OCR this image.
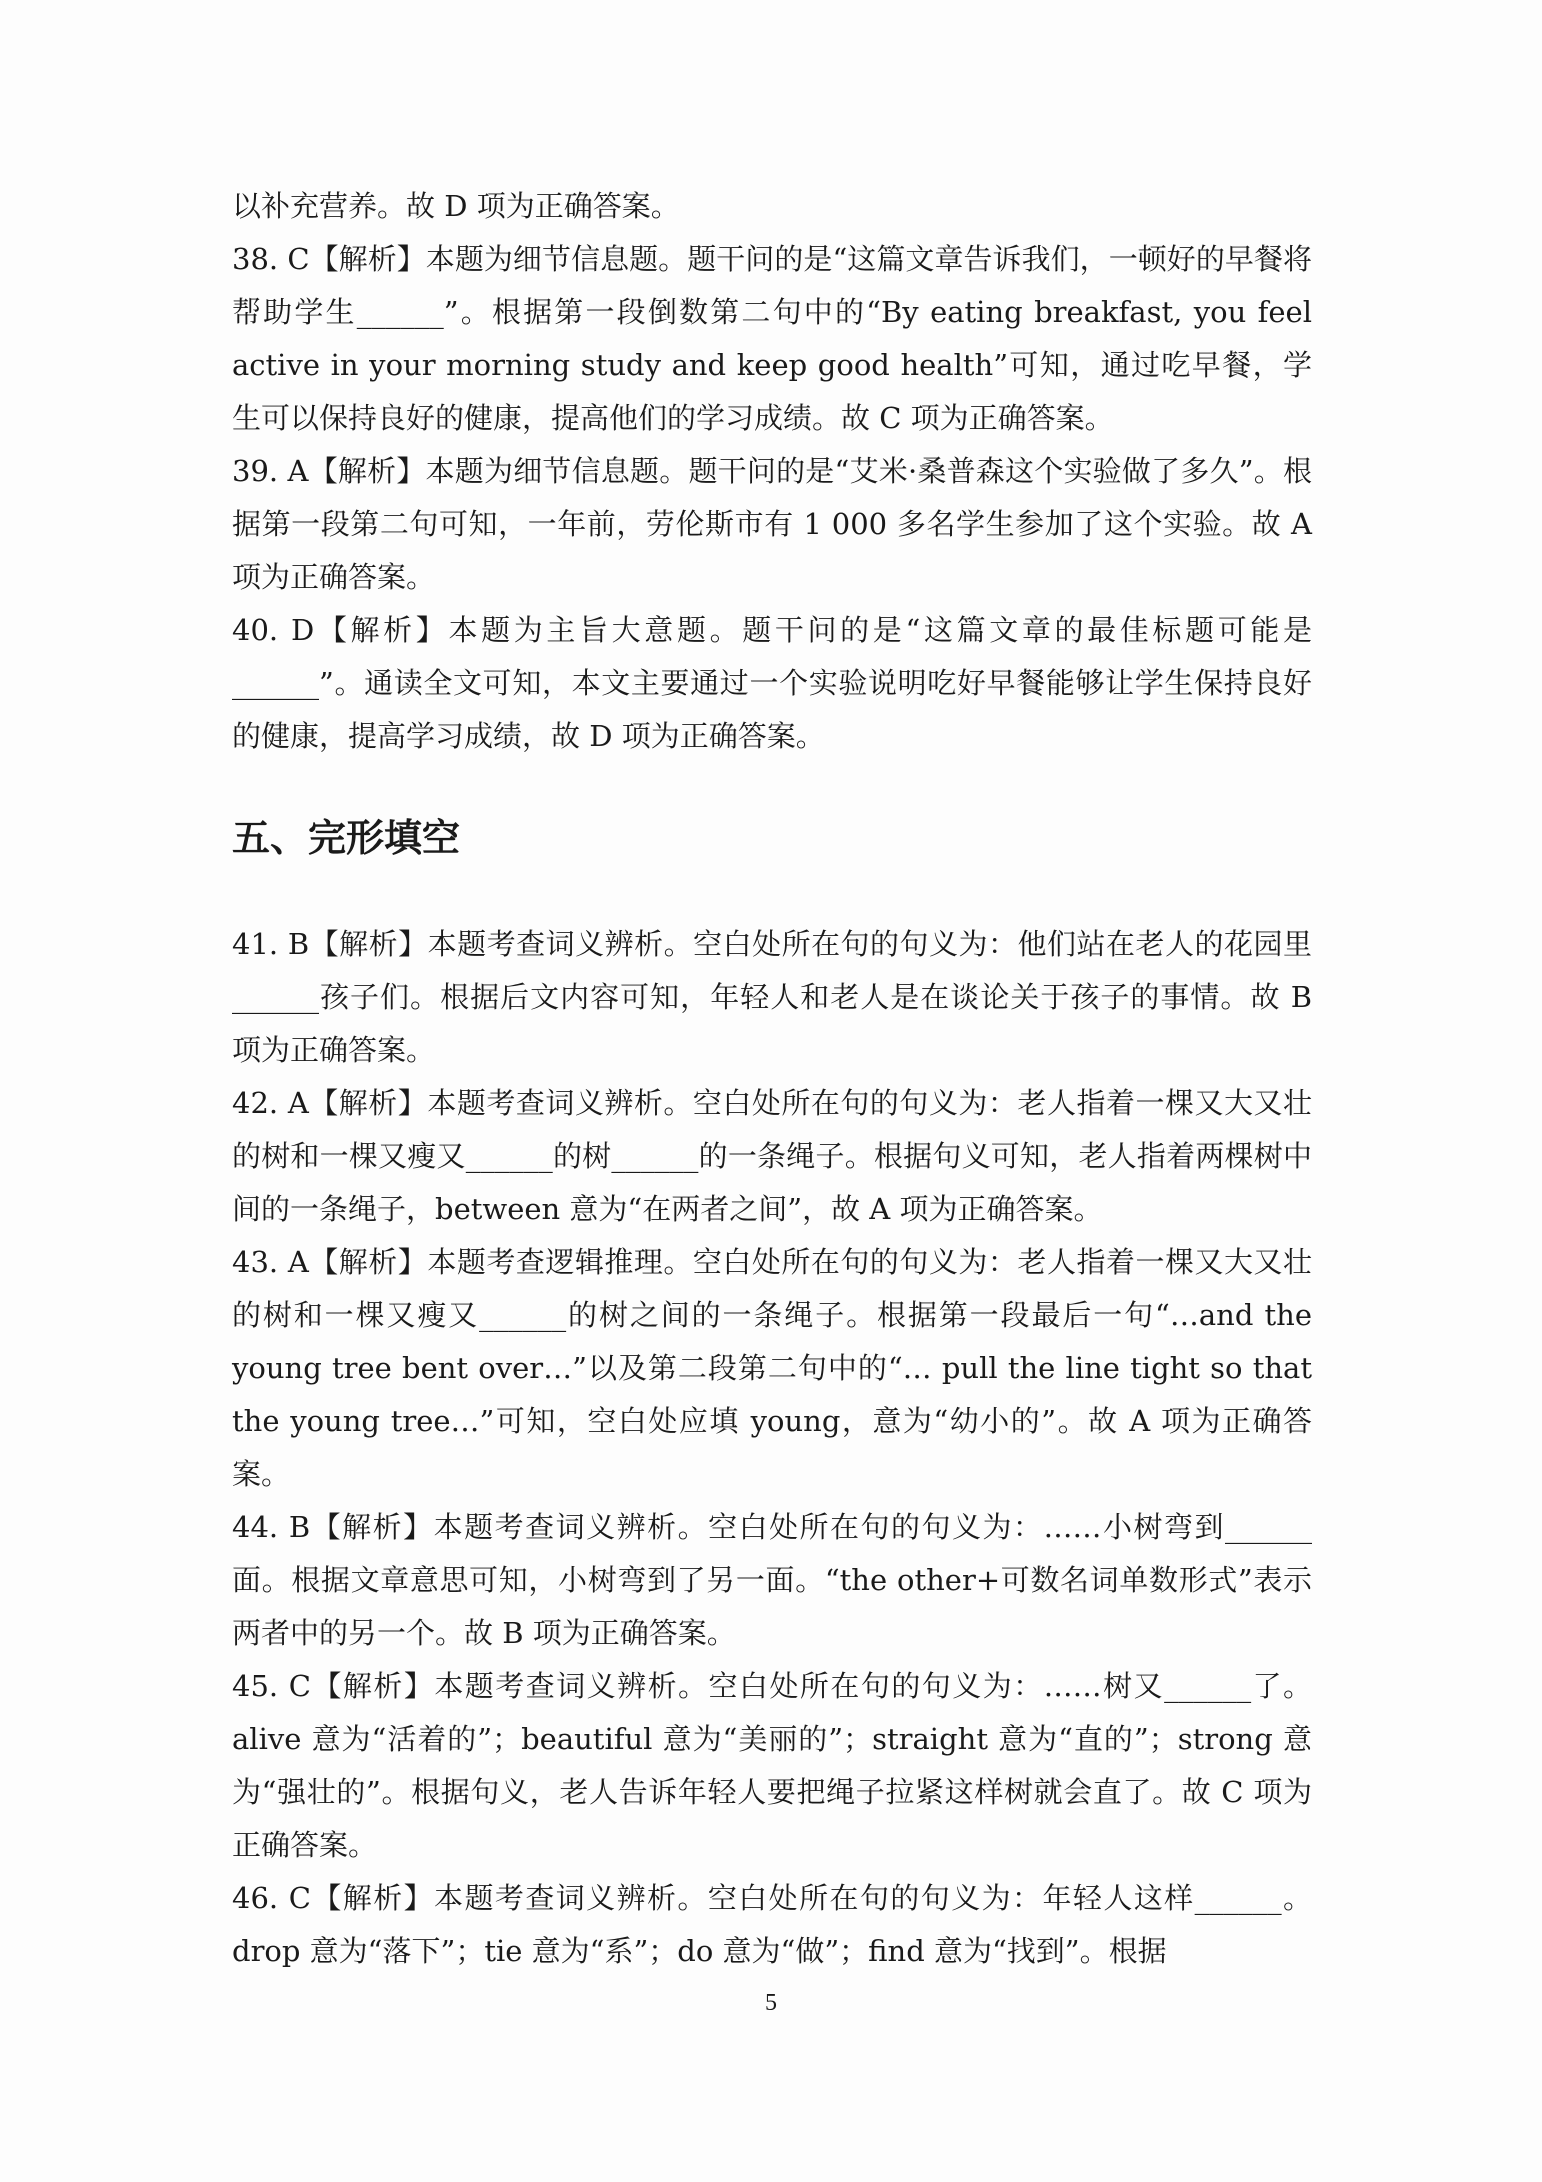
以补充营养。故 D 项为正确答案。

38. C【解析】本题为细节信息题。题干问的是“这篇文章告诉我们，一顿好的早餐将帮助学生______”。根据第一段倒数第二句中的“By eating breakfast, you feel active in your morning study and keep good health”可知，通过吃早餐，学生可以保持良好的健康，提高他们的学习成绩。故 C 项为正确答案。

39. A【解析】本题为细节信息题。题干问的是“艾米·桑普森这个实验做了多久”。根据第一段第二句可知，一年前，劳伦斯市有 1 000 多名学生参加了这个实验。故 A 项为正确答案。

40. D【解析】本题为主旨大意题。题干问的是“这篇文章的最佳标题可能是______”。通读全文可知，本文主要通过一个实验说明吃好早餐能够让学生保持良好的健康，提高学习成绩，故 D 项为正确答案。

五、完形填空

41. B【解析】本题考查词义辨析。空白处所在句的句义为：他们站在老人的花园里______孩子们。根据后文内容可知，年轻人和老人是在谈论关于孩子的事情。故 B 项为正确答案。

42. A【解析】本题考查词义辨析。空白处所在句的句义为：老人指着一棵又大又壮的树和一棵又瘦又______的树______的一条绳子。根据句义可知，老人指着两棵树中间的一条绳子，between 意为“在两者之间”，故 A 项为正确答案。

43. A【解析】本题考查逻辑推理。空白处所在句的句义为：老人指着一棵又大又壮的树和一棵又瘦又______的树之间的一条绳子。根据第一段最后一句“…and the young tree bent over…”以及第二段第二句中的“… pull the line tight so that the young tree…”可知，空白处应填 young，意为“幼小的”。故 A 项为正确答案。

44. B【解析】本题考查词义辨析。空白处所在句的句义为：……小树弯到______面。根据文章意思可知，小树弯到了另一面。“the other+可数名词单数形式”表示两者中的另一个。故 B 项为正确答案。

45. C【解析】本题考查词义辨析。空白处所在句的句义为：……树又______了。alive 意为“活着的”；beautiful 意为“美丽的”；straight 意为“直的”；strong 意为“强壮的”。根据句义，老人告诉年轻人要把绳子拉紧这样树就会直了。故 C 项为正确答案。

46. C【解析】本题考查词义辨析。空白处所在句的句义为：年轻人这样______。drop 意为“落下”；tie 意为“系”；do 意为“做”；find 意为“找到”。根据

5
